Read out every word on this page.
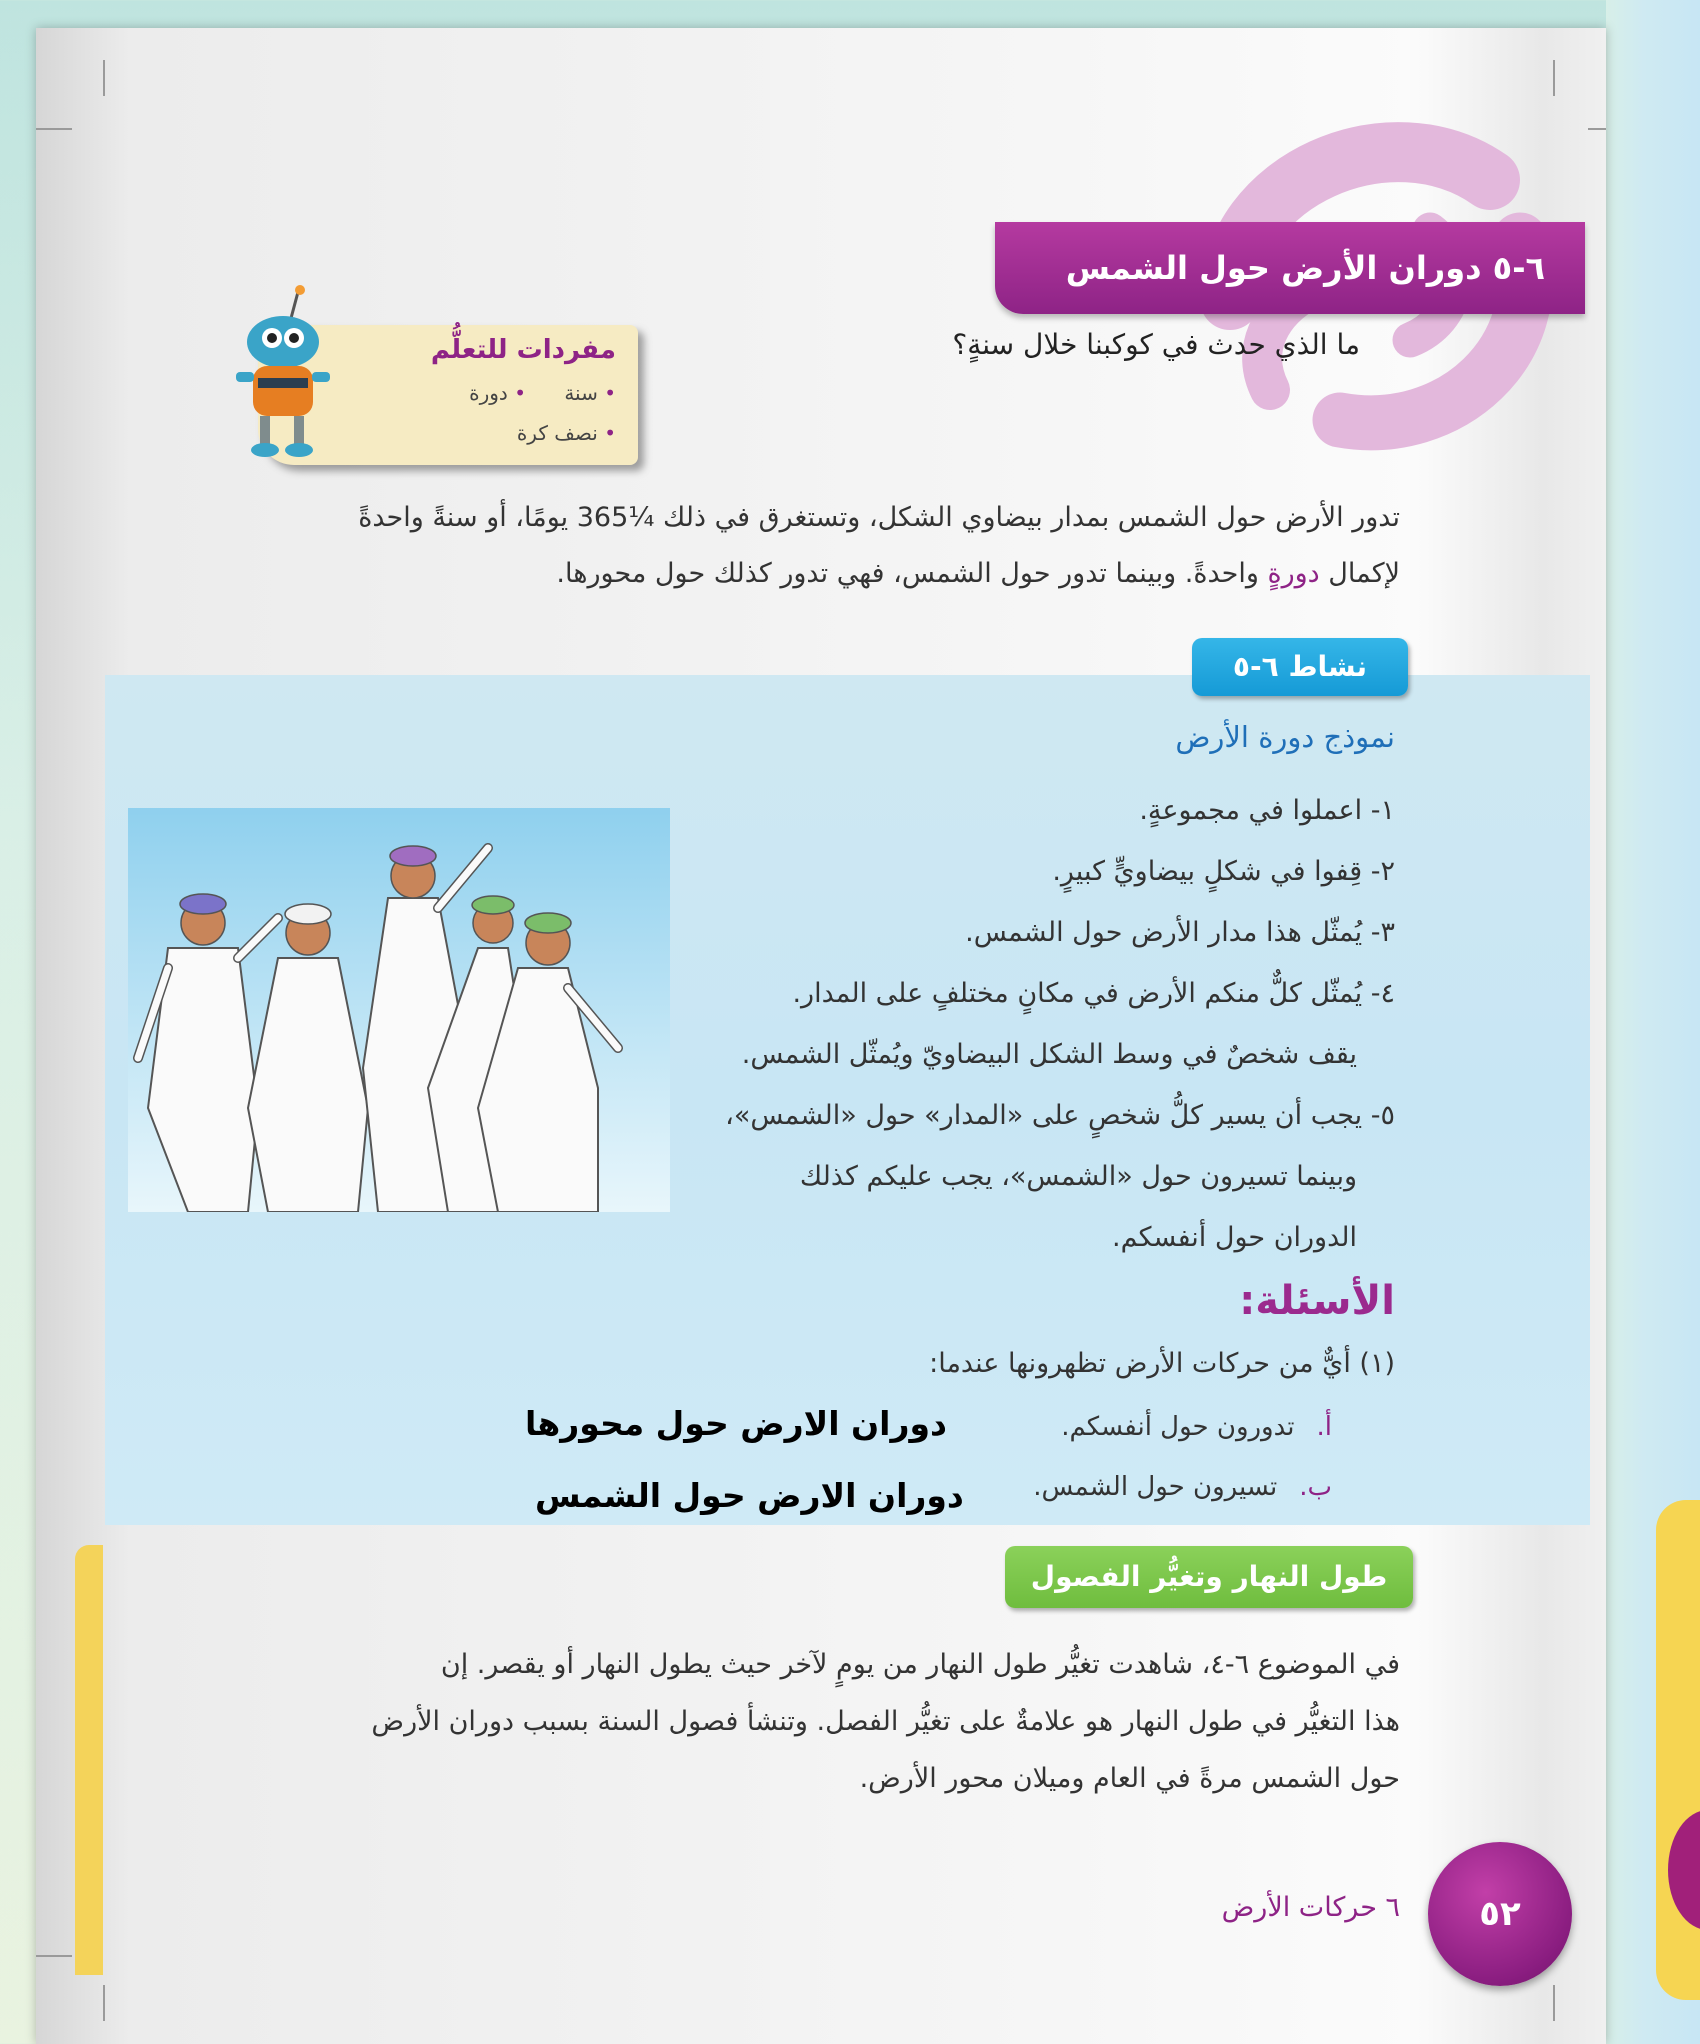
٦-٥ دوران الأرض حول الشمس
ما الذي حدث في كوكبنا خلال سنةٍ؟
مفردات للتعلُّم
• سنة
• دورة
• نصف كرة
تدور الأرض حول الشمس بمدار بيضاوي الشكل، وتستغرق في ذلك ¼365 يومًا، أو سنةً واحدةً
لإكمال دورةٍ واحدةً. وبينما تدور حول الشمس، فهي تدور كذلك حول محورها.
نشاط ٦-٥
نموذج دورة الأرض
١- اعملوا في مجموعةٍ.
٢- قِفوا في شكلٍ بيضاويٍّ كبيرٍ.
٣- يُمثّل هذا مدار الأرض حول الشمس.
٤- يُمثّل كلٌّ منكم الأرض في مكانٍ مختلفٍ على المدار.
يقف شخصٌ في وسط الشكل البيضاويّ ويُمثّل الشمس.
٥- يجب أن يسير كلُّ شخصٍ على «المدار» حول «الشمس»،
وبينما تسيرون حول «الشمس»، يجب عليكم كذلك
الدوران حول أنفسكم.
الأسئلة:
(١) أيٌّ من حركات الأرض تظهرونها عندما:
أ.تدورون حول أنفسكم.
ب.تسيرون حول الشمس.
دوران الارض حول محورها
دوران الارض حول الشمس
طول النهار وتغيُّر الفصول
في الموضوع ٦-٤، شاهدت تغيُّر طول النهار من يومٍ لآخر حيث يطول النهار أو يقصر. إن
هذا التغيُّر في طول النهار هو علامةٌ على تغيُّر الفصل. وتنشأ فصول السنة بسبب دوران الأرض
حول الشمس مرةً في العام وميلان محور الأرض.
٥٢
٦ حركات الأرض
